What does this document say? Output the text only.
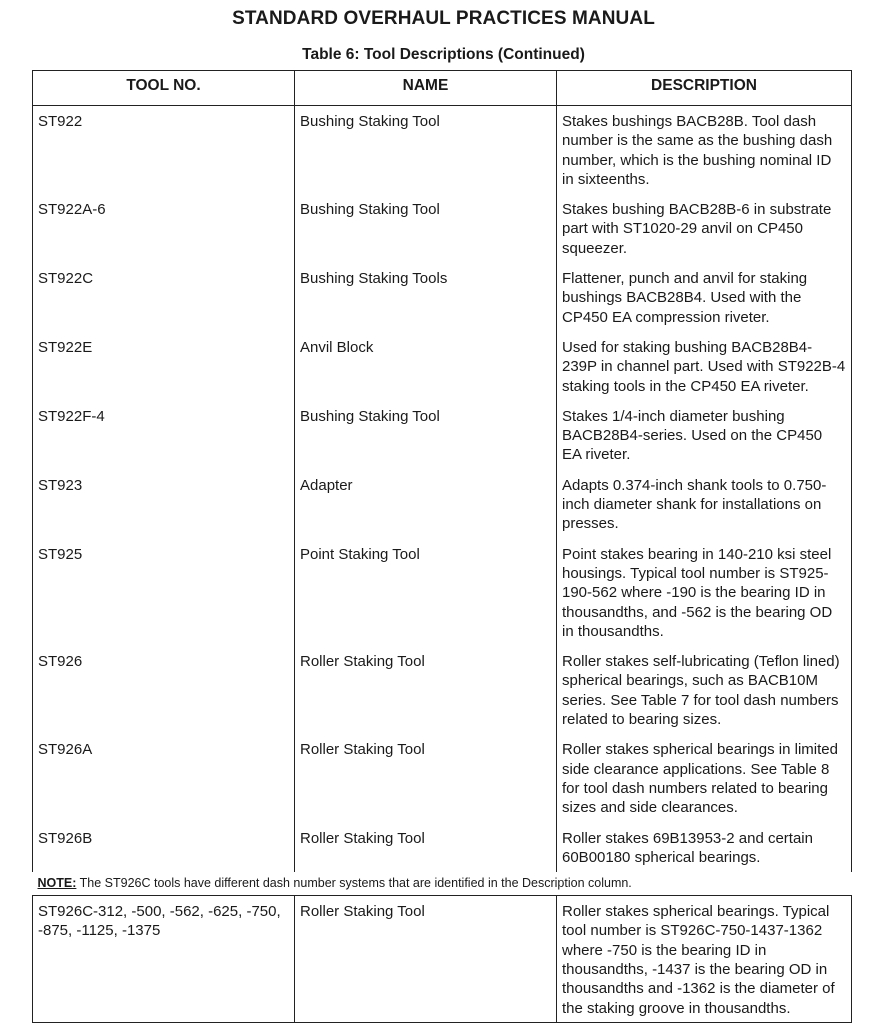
STANDARD OVERHAUL PRACTICES MANUAL
Table 6: Tool Descriptions (Continued)
TOOL NO.	NAME	DESCRIPTION
ST922	Bushing Staking Tool	Stakes bushings BACB28B. Tool dash number is the same as the bushing dash number, which is the bushing nominal ID in sixteenths.
ST922A-6	Bushing Staking Tool	Stakes bushing BACB28B-6 in substrate part with ST1020-29 anvil on CP450 squeezer.
ST922C	Bushing Staking Tools	Flattener, punch and anvil for staking bushings BACB28B4. Used with the CP450 EA compression riveter.
ST922E	Anvil Block	Used for staking bushing BACB28B4-239P in channel part. Used with ST922B-4 staking tools in the CP450 EA riveter.
ST922F-4	Bushing Staking Tool	Stakes 1/4-inch diameter bushing BACB28B4-series. Used on the CP450 EA riveter.
ST923	Adapter	Adapts 0.374-inch shank tools to 0.750-inch diameter shank for installations on presses.
ST925	Point Staking Tool	Point stakes bearing in 140-210 ksi steel housings. Typical tool number is ST925-190-562 where -190 is the bearing ID in thousandths, and -562 is the bearing OD in thousandths.
ST926	Roller Staking Tool	Roller stakes self-lubricating (Teflon lined) spherical bearings, such as BACB10M series. See Table 7 for tool dash numbers related to bearing sizes.
ST926A	Roller Staking Tool	Roller stakes spherical bearings in limited side clearance applications. See Table 8 for tool dash numbers related to bearing sizes and side clearances.
ST926B	Roller Staking Tool	Roller stakes 69B13953-2 and certain 60B00180 spherical bearings.
NOTE: The ST926C tools have different dash number systems that are identified in the Description column.		
ST926C-312, -500, -562, -625, -750, -875, -1125, -1375	Roller Staking Tool	Roller stakes spherical bearings. Typical tool number is ST926C-750-1437-1362 where -750 is the bearing ID in thousandths, -1437 is the bearing OD in thousandths and -1362 is the diameter of the staking groove in thousandths.
